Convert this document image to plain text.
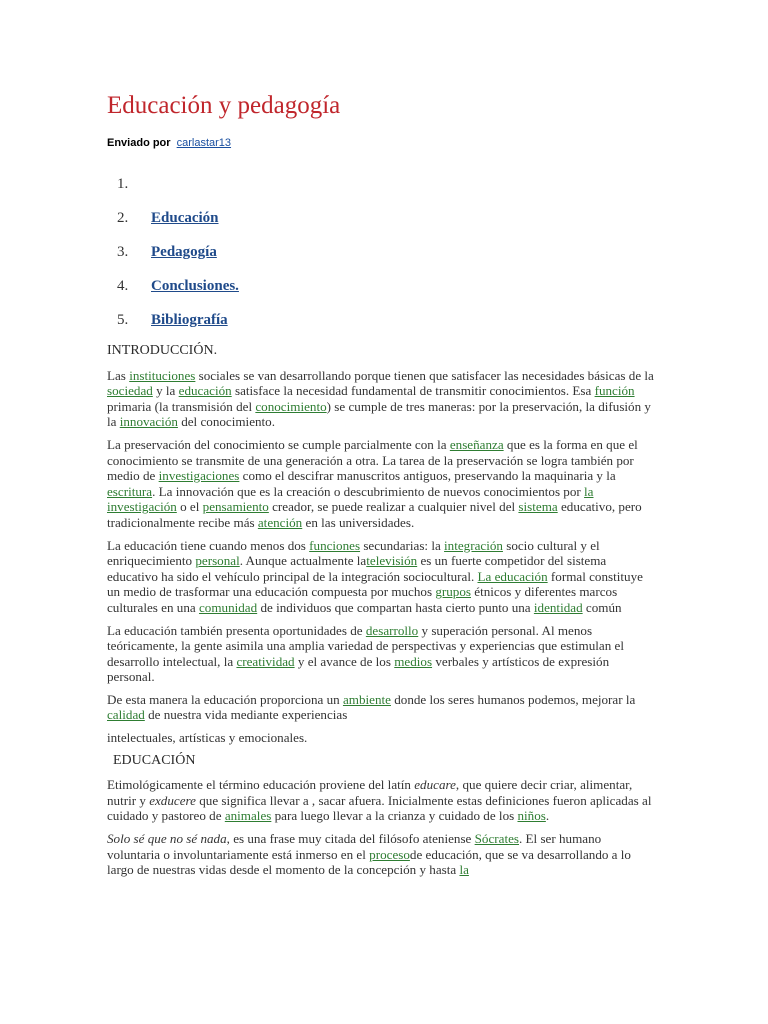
Educación y pedagogía
Enviado por carlastar13
1.
2. Educación
3. Pedagogía
4. Conclusiones.
5. Bibliografía

INTRODUCCIÓN.

Las instituciones sociales se van desarrollando porque tienen que satisfacer las necesidades básicas de la sociedad y la educación satisface la necesidad fundamental de transmitir conocimientos. Esa función primaria (la transmisión del conocimiento) se cumple de tres maneras: por la preservación, la difusión y la innovación del conocimiento.

La preservación del conocimiento se cumple parcialmente con la enseñanza que es la forma en que el conocimiento se transmite de una generación a otra. La tarea de la preservación se logra también por medio de investigaciones como el descifrar manuscritos antiguos, preservando la maquinaria y la escritura. La innovación que es la creación o descubrimiento de nuevos conocimientos por la investigación o el pensamiento creador, se puede realizar a cualquier nivel del sistema educativo, pero tradicionalmente recibe más atención en las universidades.

La educación tiene cuando menos dos funciones secundarias: la integración socio cultural y el enriquecimiento personal. Aunque actualmente latelevisión es un fuerte competidor del sistema educativo ha sido el vehículo principal de la integración sociocultural. La educación formal constituye un medio de trasformar una educación compuesta por muchos grupos étnicos y diferentes marcos culturales en una comunidad de individuos que compartan hasta cierto punto una identidad común

La educación también presenta oportunidades de desarrollo y superación personal. Al menos teóricamente, la gente asimila una amplia variedad de perspectivas y experiencias que estimulan el desarrollo intelectual, la creatividad y el avance de los medios verbales y artísticos de expresión personal.

De esta manera la educación proporciona un ambiente donde los seres humanos podemos, mejorar la calidad de nuestra vida mediante experiencias

intelectuales, artísticas y emocionales.

EDUCACIÓN

Etimológicamente el término educación proviene del latín educare, que quiere decir criar, alimentar, nutrir y exducere que significa llevar a , sacar afuera. Inicialmente estas definiciones fueron aplicadas al cuidado y pastoreo de animales para luego llevar a la crianza y cuidado de los niños.

Solo sé que no sé nada, es una frase muy citada del filósofo ateniense Sócrates. El ser humano voluntaria o involuntariamente está inmerso en el procesode educación, que se va desarrollando a lo largo de nuestras vidas desde el momento de la concepción y hasta la
